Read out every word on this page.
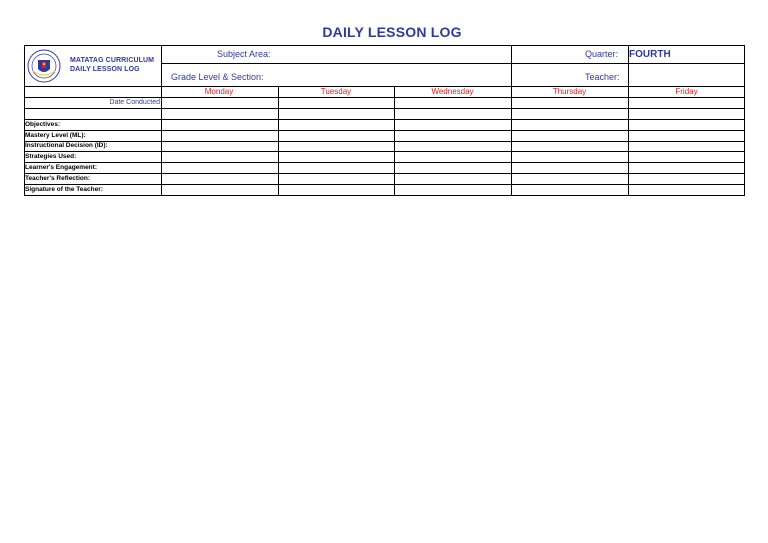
DAILY LESSON LOG
MATATAG CURRICULUM
DAILY LESSON LOG
Subject Area:
Grade Level & Section:
Quarter: FOURTH
Teacher:
Monday	Tuesday	Wednesday	Thursday	Friday
Date Conducted
Objectives:
Mastery Level (ML):
Instructional Decision (ID):
Strategies Used:
Learner's Engagement:
Teacher's Reflection:
Signature of the Teacher:
